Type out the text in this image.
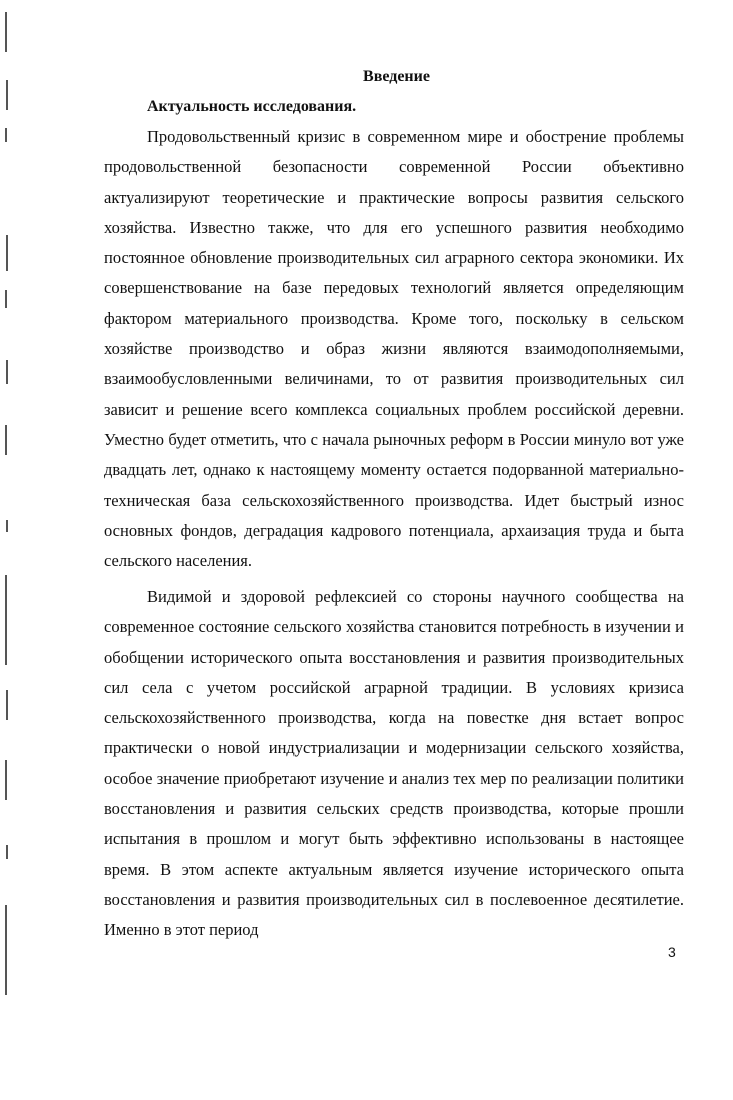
Введение
Актуальность исследования.

Продовольственный кризис в современном мире и обострение проблемы продовольственной безопасности современной России объективно актуализируют теоретические и практические вопросы развития сельского хозяйства. Известно также, что для его успешного развития необходимо постоянное обновление производительных сил аграрного сектора экономики. Их совершенствование на базе передовых технологий является определяющим фактором материального производства. Кроме того, поскольку в сельском хозяйстве производство и образ жизни являются взаимодополняемыми, взаимообусловленными величинами, то от развития производительных сил зависит и решение всего комплекса социальных проблем российской деревни. Уместно будет отметить, что с начала рыночных реформ в России минуло вот уже двадцать лет, однако к настоящему моменту остается подорванной материально-техническая база сельскохозяйственного производства. Идет быстрый износ основных фондов, деградация кадрового потенциала, архаизация труда и быта сельского населения.

Видимой и здоровой рефлексией со стороны научного сообщества на современное состояние сельского хозяйства становится потребность в изучении и обобщении исторического опыта восстановления и развития производительных сил села с учетом российской аграрной традиции. В условиях кризиса сельскохозяйственного производства, когда на повестке дня встает вопрос практически о новой индустриализации и модернизации сельского хозяйства, особое значение приобретают изучение и анализ тех мер по реализации политики восстановления и развития сельских средств производства, которые прошли испытания в прошлом и могут быть эффективно использованы в настоящее время. В этом аспекте актуальным является изучение исторического опыта восстановления и развития производительных сил в послевоенное десятилетие. Именно в этот период

3
